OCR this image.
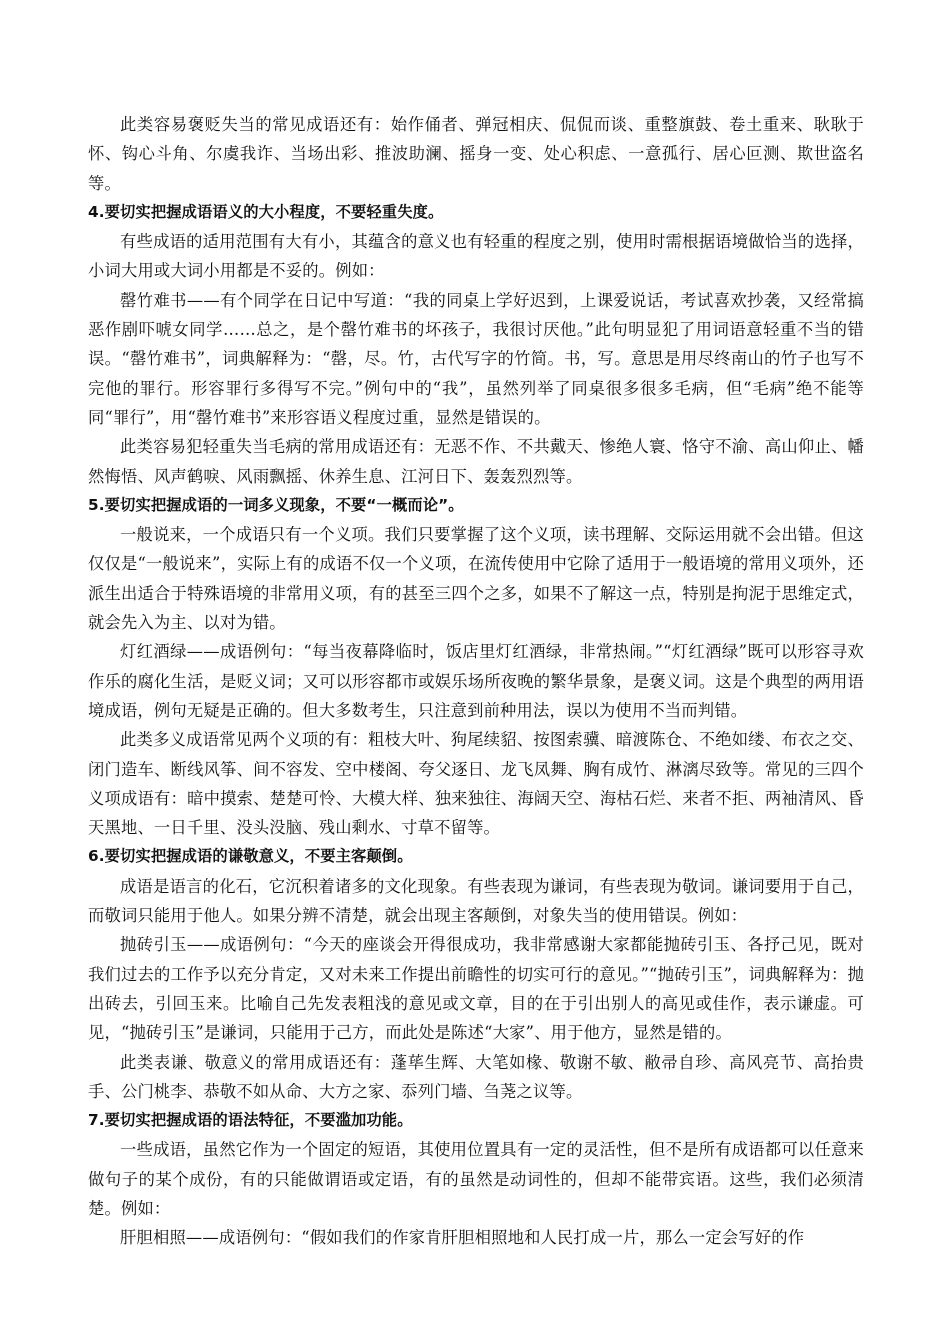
此类容易褒贬失当的常见成语还有：始作俑者、弹冠相庆、侃侃而谈、重整旗鼓、卷土重来、耿耿于怀、钩心斗角、尔虞我诈、当场出彩、推波助澜、摇身一变、处心积虑、一意孤行、居心叵测、欺世盗名等。

4.要切实把握成语语义的大小程度，不要轻重失度。

有些成语的适用范围有大有小，其蕴含的意义也有轻重的程度之别，使用时需根据语境做恰当的选择，小词大用或大词小用都是不妥的。例如：

罄竹难书——有个同学在日记中写道：“我的同桌上学好迟到，上课爱说话，考试喜欢抄袭，又经常搞恶作剧吓唬女同学……总之，是个罄竹难书的坏孩子，我很讨厌他。”此句明显犯了用词语意轻重不当的错误。“罄竹难书”，词典解释为：“罄，尽。竹，古代写字的竹简。书，写。意思是用尽终南山的竹子也写不完他的罪行。形容罪行多得写不完。”例句中的“我”，虽然列举了同桌很多很多毛病，但“毛病”绝不能等同“罪行”，用“罄竹难书”来形容语义程度过重，显然是错误的。

此类容易犯轻重失当毛病的常用成语还有：无恶不作、不共戴天、惨绝人寰、恪守不渝、高山仰止、幡然悔悟、风声鹤唳、风雨飘摇、休养生息、江河日下、轰轰烈烈等。

5.要切实把握成语的一词多义现象，不要“一概而论”。

一般说来，一个成语只有一个义项。我们只要掌握了这个义项，读书理解、交际运用就不会出错。但这仅仅是“一般说来”，实际上有的成语不仅一个义项，在流传使用中它除了适用于一般语境的常用义项外，还派生出适合于特殊语境的非常用义项，有的甚至三四个之多，如果不了解这一点，特别是拘泥于思维定式，就会先入为主、以对为错。

灯红酒绿——成语例句：“每当夜幕降临时，饭店里灯红酒绿，非常热闹。”“灯红酒绿”既可以形容寻欢作乐的腐化生活，是贬义词；又可以形容都市或娱乐场所夜晚的繁华景象，是褒义词。这是个典型的两用语境成语，例句无疑是正确的。但大多数考生，只注意到前种用法，误以为使用不当而判错。

此类多义成语常见两个义项的有：粗枝大叶、狗尾续貂、按图索骥、暗渡陈仓、不绝如缕、布衣之交、闭门造车、断线风筝、间不容发、空中楼阁、夸父逐日、龙飞凤舞、胸有成竹、淋漓尽致等。常见的三四个义项成语有：暗中摸索、楚楚可怜、大模大样、独来独往、海阔天空、海枯石烂、来者不拒、两袖清风、昏天黑地、一日千里、没头没脑、残山剩水、寸草不留等。

6.要切实把握成语的谦敬意义，不要主客颠倒。

成语是语言的化石，它沉积着诸多的文化现象。有些表现为谦词，有些表现为敬词。谦词要用于自己，而敬词只能用于他人。如果分辨不清楚，就会出现主客颠倒，对象失当的使用错误。例如：

抛砖引玉——成语例句：“今天的座谈会开得很成功，我非常感谢大家都能抛砖引玉、各抒己见，既对我们过去的工作予以充分肯定，又对未来工作提出前瞻性的切实可行的意见。”“抛砖引玉”，词典解释为：抛出砖去，引回玉来。比喻自己先发表粗浅的意见或文章，目的在于引出别人的高见或佳作，表示谦虚。可见，“抛砖引玉”是谦词，只能用于己方，而此处是陈述“大家”、用于他方，显然是错的。

此类表谦、敬意义的常用成语还有：蓬荜生辉、大笔如椽、敬谢不敏、敝帚自珍、高风亮节、高抬贵手、公门桃李、恭敬不如从命、大方之家、忝列门墙、刍荛之议等。

7.要切实把握成语的语法特征，不要滥加功能。

一些成语，虽然它作为一个固定的短语，其使用位置具有一定的灵活性，但不是所有成语都可以任意来做句子的某个成份，有的只能做谓语或定语，有的虽然是动词性的，但却不能带宾语。这些，我们必须清楚。例如：

肝胆相照——成语例句：“假如我们的作家肯肝胆相照地和人民打成一片，那么一定会写好的作
